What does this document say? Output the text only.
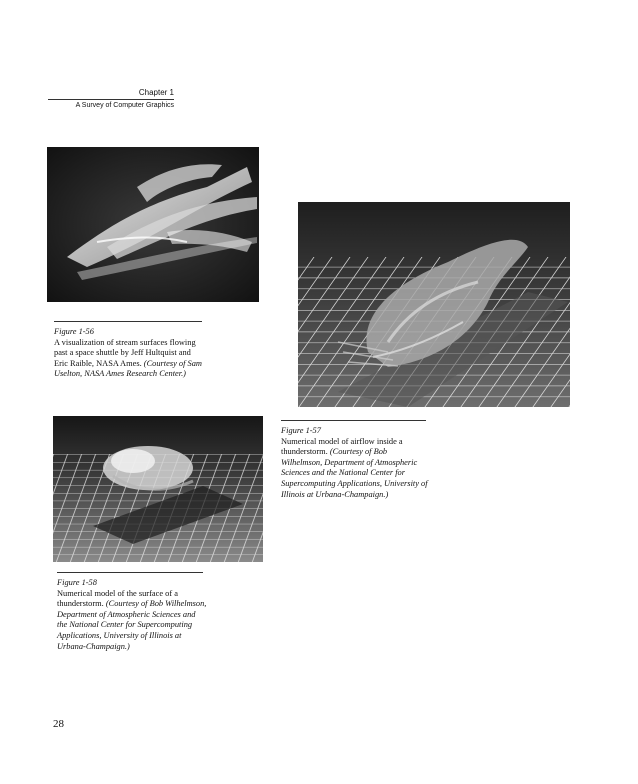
Chapter 1
A Survey of Computer Graphics
Figure 1-56
A visualization of stream surfaces flowing past a space shuttle by Jeff Hultquist and Eric Raible, NASA Ames. (Courtesy of Sam Uselton, NASA Ames Research Center.)
Figure 1-57
Numerical model of airflow inside a thunderstorm. (Courtesy of Bob Wilhelmson, Department of Atmospheric Sciences and the National Center for Supercomputing Applications, University of Illinois at Urbana-Champaign.)
Figure 1-58
Numerical model of the surface of a thunderstorm. (Courtesy of Bob Wilhelmson, Department of Atmospheric Sciences and the National Center for Supercomputing Applications, University of Illinois at Urbana-Champaign.)
28
